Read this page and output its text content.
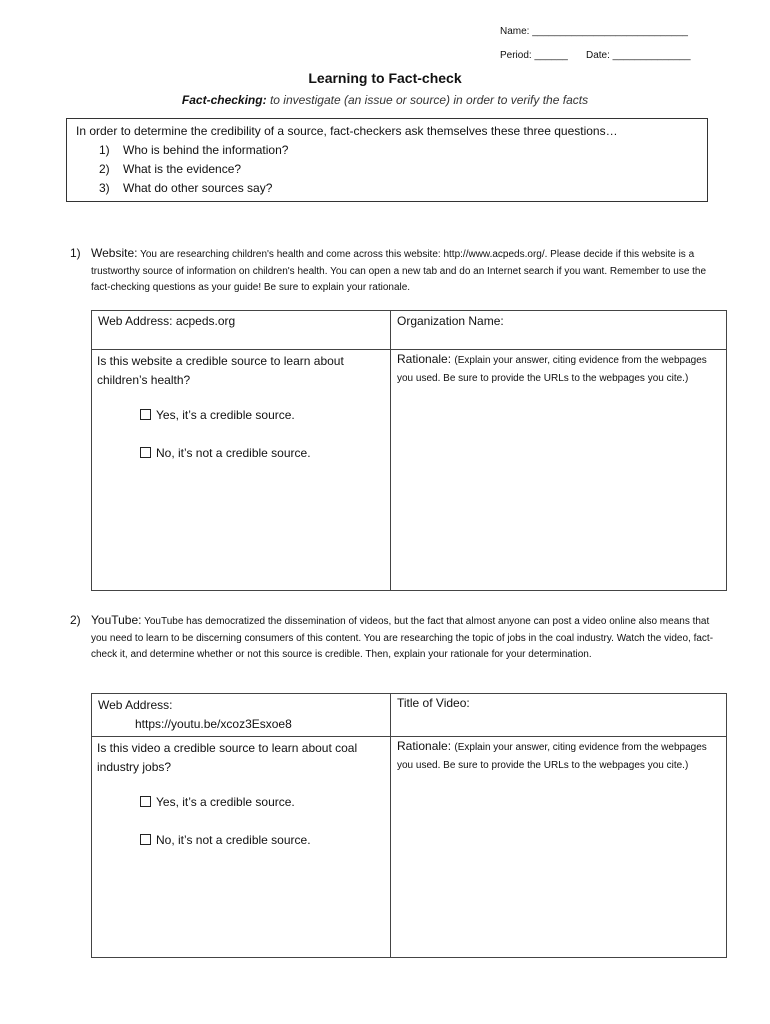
Name: ____________________________
Period: ______ Date: ______________
Learning to Fact-check
Fact-checking: to investigate (an issue or source) in order to verify the facts
In order to determine the credibility of a source, fact-checkers ask themselves these three questions…
1) Who is behind the information?
2) What is the evidence?
3) What do other sources say?
1) Website: You are researching children's health and come across this website: http://www.acpeds.org/. Please decide if this website is a trustworthy source of information on children's health. You can open a new tab and do an Internet search if you want. Remember to use the fact-checking questions as your guide! Be sure to explain your rationale.
Web Address: acpeds.org	Organization Name:

Is this website a credible source to learn about children’s health?
Yes, it’s a credible source.
No, it’s not a credible source.	Rationale: (Explain your answer, citing evidence from the webpages you used. Be sure to provide the URLs to the webpages you cite.)
2) YouTube: YouTube has democratized the dissemination of videos, but the fact that almost anyone can post a video online also means that you need to learn to be discerning consumers of this content. You are researching the topic of jobs in the coal industry. Watch the video, fact-check it, and determine whether or not this source is credible. Then, explain your rationale for your determination.
Web Address:
https://youtu.be/xcoz3Esxoe8	Title of Video:

Is this video a credible source to learn about coal industry jobs?
Yes, it’s a credible source.
No, it’s not a credible source.	Rationale: (Explain your answer, citing evidence from the webpages you used. Be sure to provide the URLs to the webpages you cite.)
